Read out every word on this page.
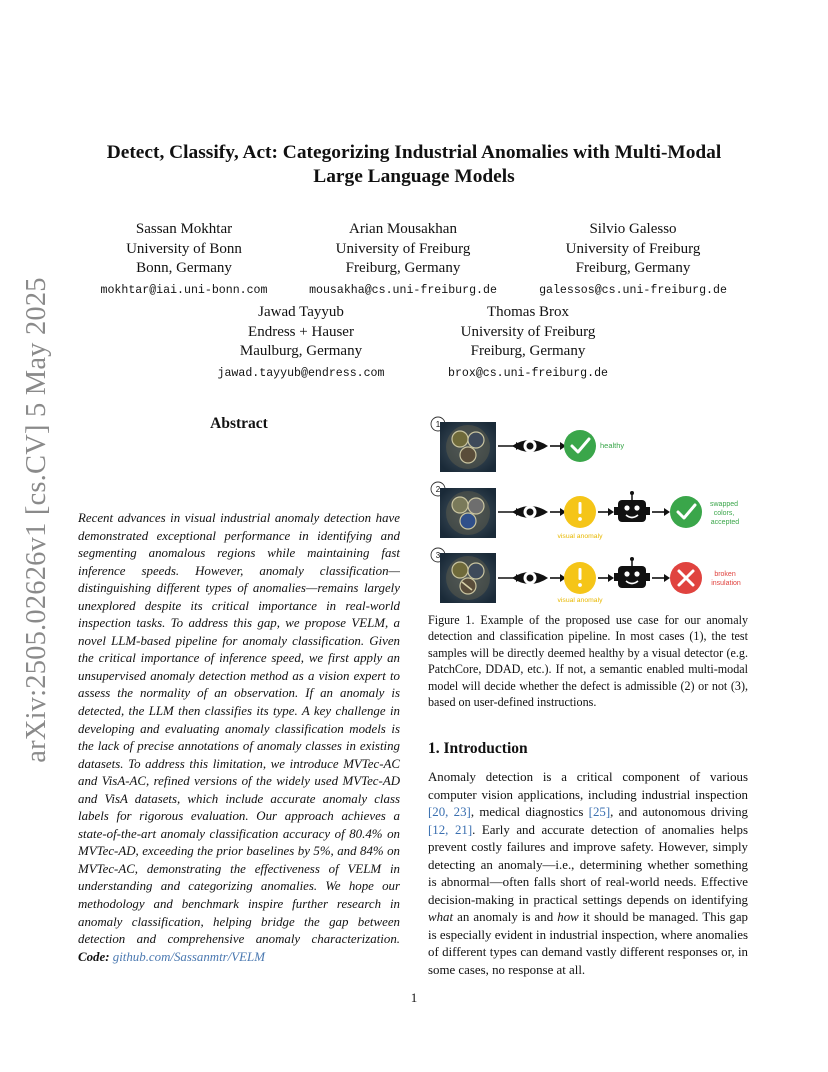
arXiv:2505.02626v1 [cs.CV] 5 May 2025
Detect, Classify, Act: Categorizing Industrial Anomalies with Multi-Modal
Large Language Models
Sassan Mokhtar
University of Bonn
Bonn, Germany
mokhtar@iai.uni-bonn.com
Arian Mousakhan
University of Freiburg
Freiburg, Germany
mousakha@cs.uni-freiburg.de
Silvio Galesso
University of Freiburg
Freiburg, Germany
galessos@cs.uni-freiburg.de
Jawad Tayyub
Endress + Hauser
Maulburg, Germany
jawad.tayyub@endress.com
Thomas Brox
University of Freiburg
Freiburg, Germany
brox@cs.uni-freiburg.de
Abstract
Recent advances in visual industrial anomaly detection have demonstrated exceptional performance in identifying and segmenting anomalous regions while maintaining fast inference speeds. However, anomaly classification—distinguishing different types of anomalies—remains largely unexplored despite its critical importance in real-world inspection tasks. To address this gap, we propose VELM, a novel LLM-based pipeline for anomaly classification. Given the critical importance of inference speed, we first apply an unsupervised anomaly detection method as a vision expert to assess the normality of an observation. If an anomaly is detected, the LLM then classifies its type. A key challenge in developing and evaluating anomaly classification models is the lack of precise annotations of anomaly classes in existing datasets. To address this limitation, we introduce MVTec-AC and VisA-AC, refined versions of the widely used MVTec-AD and VisA datasets, which include accurate anomaly class labels for rigorous evaluation. Our approach achieves a state-of-the-art anomaly classification accuracy of 80.4% on MVTec-AD, exceeding the prior baselines by 5%, and 84% on MVTec-AC, demonstrating the effectiveness of VELM in understanding and categorizing anomalies. We hope our methodology and benchmark inspire further research in anomaly classification, helping bridge the gap between detection and comprehensive anomaly characterization. Code: github.com/Sassanmtr/VELM
1
healthy
2
visual anomaly
swapped colors, accepted
3
visual anomaly
broken insulation
Figure 1. Example of the proposed use case for our anomaly detection and classification pipeline. In most cases (1), the test samples will be directly deemed healthy by a visual detector (e.g. PatchCore, DDAD, etc.). If not, a semantic enabled multi-modal model will decide whether the defect is admissible (2) or not (3), based on user-defined instructions.
1. Introduction
Anomaly detection is a critical component of various computer vision applications, including industrial inspection [20, 23], medical diagnostics [25], and autonomous driving [12, 21]. Early and accurate detection of anomalies helps prevent costly failures and improve safety. However, simply detecting an anomaly—i.e., determining whether something is abnormal—often falls short of real-world needs. Effective decision-making in practical settings depends on identifying what an anomaly is and how it should be managed. This gap is especially evident in industrial inspection, where anomalies of different types can demand vastly different responses or, in some cases, no response at all.
1
